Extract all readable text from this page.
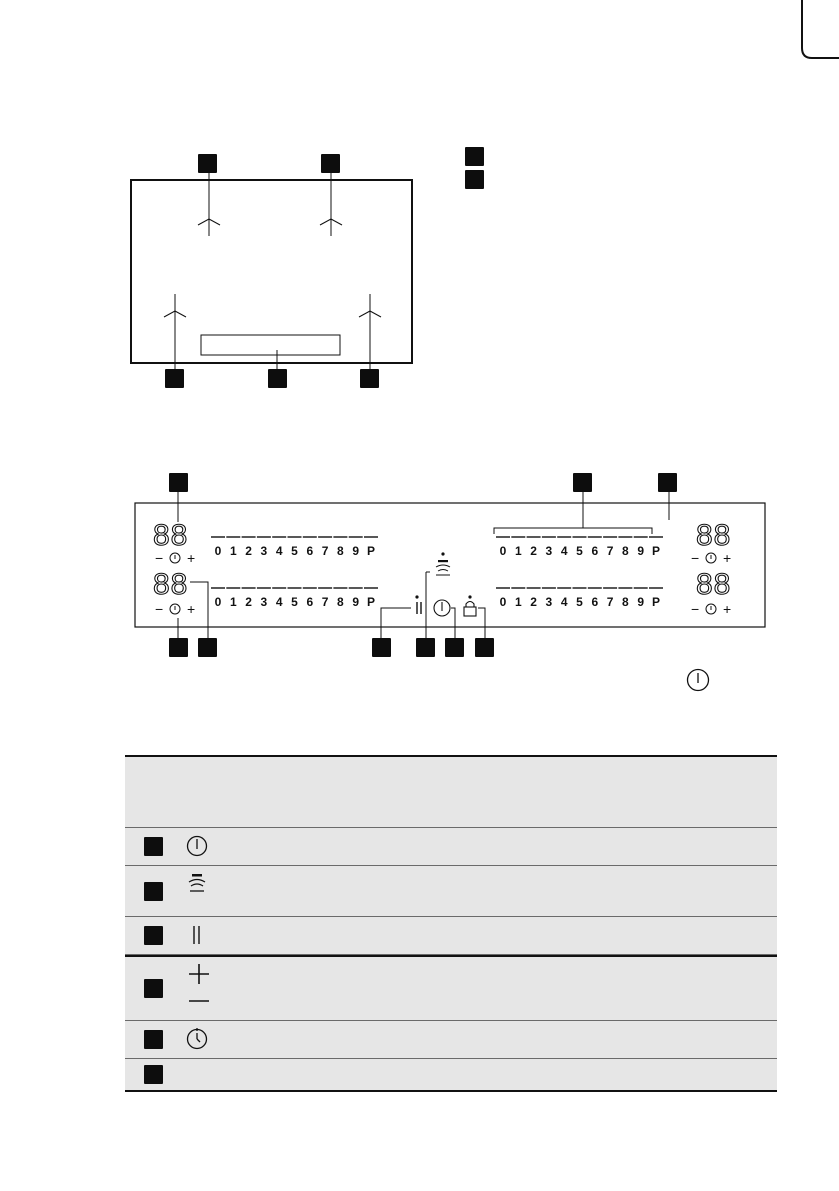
88
− + 0 1 2 3 4 5 6 7 8 9 P
88
− + 0 1 2 3 4 5 6 7 8 9 P
0 1 2 3 4 5 6 7 8 9 P 88
− +
0 1 2 3 4 5 6 7 8 9 P
88
− +
